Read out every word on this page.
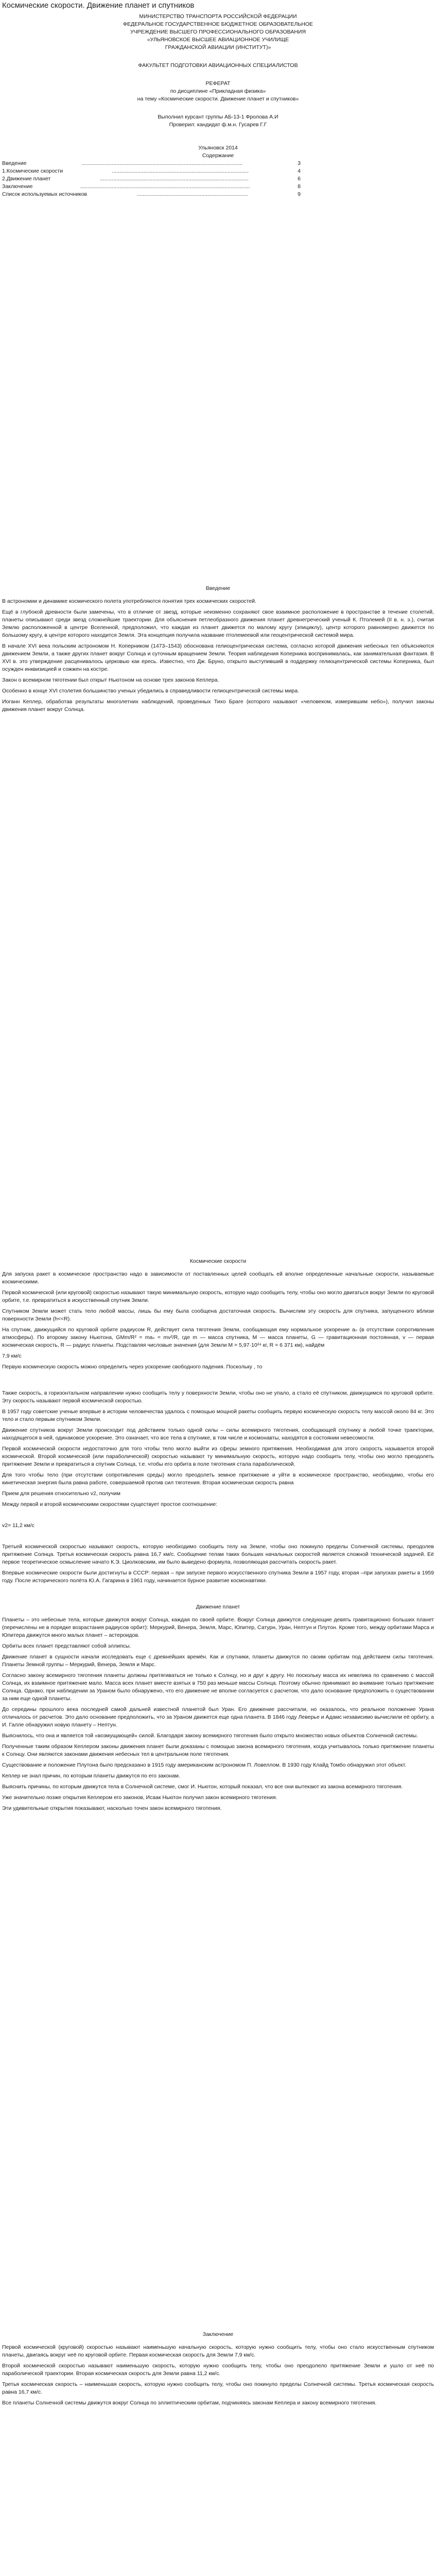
Космические скорости. Движение планет и спутников
МИНИСТЕРСТВО ТРАНСПОРТА РОССИЙСКОЙ ФЕДЕРАЦИИ
ФЕДЕРАЛЬНОЕ ГОСУДАРСТВЕННОЕ БЮДЖЕТНОЕ ОБРАЗОВАТЕЛЬНОЕ
УЧРЕЖДЕНИЕ ВЫСШЕГО ПРОФЕССИОНАЛЬНОГО ОБРАЗОВАНИЯ
«УЛЬЯНОВСКОЕ ВЫСШЕЕ АВИАЦИОННОЕ УЧИЛИЩЕ
ГРАЖДАНСКОЙ АВИАЦИИ (ИНСТИТУТ)»
ФАКУЛЬТЕТ ПОДГОТОВКИ АВИАЦИОННЫХ СПЕЦИАЛИСТОВ
РЕФЕРАТ
по дисциплине «Прикладная физика»
на тему «Космические скорости. Движение планет и спутников»
Выполнил курсант группы АБ-13-1 Фролова А.И
Проверил: кандидат ф.м.н. Гусарев Г.Г
Ульяновск 2014
Содержание
Введение	...........................................................................................................	3
1.Космические скорости	...........................................................................................	4
2.Движение планет	...................................................................................................	6
Заключение	.................................................................................................................	8
Список используемых источников	..........................................................................	9
Введение

В астрономии и динамике космического полета употребляются понятия трех космических скоростей.

Ещё в глубокой древности были замечены, что в отличие от звезд, которые неизменно сохраняют свое взаимное расположение в пространстве в течение столетий, планеты описывают среди звезд сложнейшие траектории. Для объяснения петлеобразного движения планет древнегреческий ученый К. Птолемей (II в. н. э.), считая Землю расположенной в центре Вселенной, предположил, что каждая из планет движется по малому кругу (эпициклу), центр которого равномерно движется по большому кругу, в центре которого находится Земля. Эта концепция получила название птолемеевой или геоцентрической системой мира.

В начале XVI века польским астрономом Н. Коперником (1473–1543) обоснована гелиоцентрическая система, согласно которой движения небесных тел объясняются движением Земли, а также других планет вокруг Солнца и суточным вращением Земли. Теория наблюдения Коперника воспринималась, как занимательная фантазия. В XVI в. это утверждение расценивалось церковью как ересь. Известно, что Дж. Бруно, открыто выступивший в поддержку гелиоцентрической системы Коперника, был осужден инквизицией и сожжен на костре.

Закон о всемирном тяготении был открыт Ньютоном на основе трех законов Кеплера.

Особенно в конце XVI столетия большинство ученых убедились в справедливости гелиоцентрической системы мира.

Иоганн Кеплер, обработав результаты многолетних наблюдений, проведенных Тихо Браге (которого называют «человеком, измерившим небо»), получил законы движения планет вокруг Солнца.

Космические скорости

Для запуска ракет в космическое пространство надо в зависимости от поставленных целей сообщать ей вполне определенные начальные скорости, называемые космическими.

Первой космической (или круговой) скоростью называют такую минимальную скорость, которую надо сообщить телу, чтобы оно могло двигаться вокруг Земли по круговой орбите, т.е. превратиться в искусственный спутник Земли.

Спутником Земли может стать тело любой массы, лишь бы ему была сообщена достаточная скорость. Вычислим эту скорость для спутника, запущенного вблизи поверхности Земли (h<<R).

На спутник, движущийся по круговой орбите радиусом R, действует сила тяготения Земли, сообщающая ему нормальное ускорение aₙ (в отсутствии сопротивления атмосферы). По второму закону Ньютона, GMm/R² = maₙ = mv²/R, где m — масса спутника, M — масса планеты, G — гравитационная постоянная, v — первая космическая скорость, R — радиус планеты. Подставляя числовые значения (для Земли M = 5,97·10²⁴ кг, R = 6 371 км), найдём

7,9 км/с

Первую космическую скорость можно определить через ускорение свободного падения. Поскольку , то

Также скорость, в горизонтальном направлении нужно сообщить телу у поверхности Земли, чтобы оно не упало, а стало её спутником, движущимся по круговой орбите. Эту скорость называют первой космической скоростью.

В 1957 году советские ученые впервые в истории человечества удалось с помощью мощной ракеты сообщить первую космическую скорость телу массой около 84 кг. Это тело и стало первым спутником Земли.

Движение спутников вокруг Земли происходит под действием только одной силы – силы всемирного тяготения, сообщающей спутнику в любой точке траектории, находящегося в ней, одинаковое ускорение. Это означает, что все тела в спутнике, в том числе и космонавты, находятся в состоянии невесомости.

Первой космической скорости недостаточно для того чтобы тело могло выйти из сферы земного притяжения. Необходимая для этого скорость называется второй космической. Второй космической (или параболической) скоростью называют ту минимальную скорость, которую надо сообщить телу, чтобы оно могло преодолеть притяжение Земли и превратиться в спутник Солнца, т.е. чтобы его орбита в поле тяготения стала параболической.

Для того чтобы тело (при отсутствии сопротивления среды) могло преодолеть земное притяжение и уйти в космическое пространство, необходимо, чтобы его кинетическая энергия была равна работе, совершаемой против сил тяготения. Вторая космическая скорость равна

Прием для решения относительно v2, получим

Между первой и второй космическими скоростями существует простое соотношение:

v2= 11,2 км/с

Третьей космической скоростью называют скорость, которую необходимо сообщить телу на Земле, чтобы оно покинуло пределы Солнечной системы, преодолев притяжение Солнца. Третья космическая скорость равна 16,7 км/с. Сообщение телам таких больших начальных скоростей является сложной технической задачей. Её первое теоретическое осмысление начато К.Э. Циолковским, им было выведено формула, позволяющая рассчитать скорость ракет.

Впервые космические скорости были достигнуты в СССР: первая – при запуске первого искусственного спутника Земли в 1957 году, вторая –при запусках ракеты в 1959 году. После исторического полёта Ю.А. Гагарина в 1961 году, начинается бурное развитие космонавтики.

Движение планет

Планеты – это небесные тела, которые движутся вокруг Солнца, каждая по своей орбите. Вокруг Солнца движутся следующие девять гравитационно больших планет (перечислены не в порядке возрастания радиусов орбит): Меркурий, Венера, Земля, Марс, Юпитер, Сатурн, Уран, Нептун и Плутон. Кроме того, между орбитами Марса и Юпитера движутся много малых планет – астероидов.

Орбиты всех планет представляют собой эллипсы.

Движение планет в сущности начали исследовать еще с древнейших времён. Как и спутники, планеты движутся по своим орбитам под действием силы тяготения. Планеты Земной группы – Меркурий, Венера, Земля и Марс.

Согласно закону всемирного тяготения планеты должны притягиваться не только к Солнцу, но и друг к другу. Но поскольку масса их невелика по сравнению с массой Солнца, их взаимное притяжение мало. Масса всех планет вместе взятых в 750 раз меньше массы Солнца. Поэтому обычно принимают во внимание только притяжение Солнца. Однако, при наблюдении за Ураном было обнаружено, что его движение не вполне согласуется с расчетом, что дало основание предположить о существовании за ним еще одной планеты.

До середины прошлого века последней самой дальней известной планетой был Уран. Его движение рассчитали, но оказалось, что реальное положение Урана отличалось от расчетов. Это дало основание предположить, что за Ураном движется еще одна планета. В 1846 году Леверье и Адамс независимо вычислили её орбиту, а И. Галле обнаружил новую планету – Нептун.

Выяснилось, что она и является той «возмущающей» силой. Благодаря закону всемирного тяготения было открыто множество новых объектов Солнечной системы.

Полученные таким образом Кеплером законы движения планет были доказаны с помощью закона всемирного тяготения, когда учитывалось только притяжение планеты к Солнцу. Они являются законами движения небесных тел в центральном поле тяготения.

Существование и положение Плутона было предсказано в 1915 году американским астрономом П. Ловеллом. В 1930 году Клайд Томбо обнаружил этот объект.

Кеплер не знал причин, по которым планеты движутся по его законам.

Выяснить причины, по которым движутся тела в Солнечной системе, смог И. Ньютон, который показал, что все они вытекают из закона всемирного тяготения.

Уже значительно позже открытия Кеплером его законов, Исаак Ньютон получил закон всемирного тяготения.

Эти удивительные открытия показывают, насколько точен закон всемирного тяготения.

Заключение

Первой космической (круговой) скоростью называют наименьшую начальную скорость, которую нужно сообщить телу, чтобы оно стало искусственным спутником планеты, двигаясь вокруг неё по круговой орбите. Первая космическая скорость для Земли 7,9 км/с.

Второй космической скоростью называют наименьшую скорость, которую нужно сообщить телу, чтобы оно преодолело притяжение Земли и ушло от неё по параболической траектории. Вторая космическая скорость для Земли равна 11,2 км/с.

Третья космическая скорость – наименьшая скорость, которую нужно сообщить телу, чтобы оно покинуло пределы Солнечной системы. Третья космическая скорость равна 16,7 км/с.

Все планеты Солнечной системы движутся вокруг Солнца по эллиптическим орбитам, подчиняясь законам Кеплера и закону всемирного тяготения.
